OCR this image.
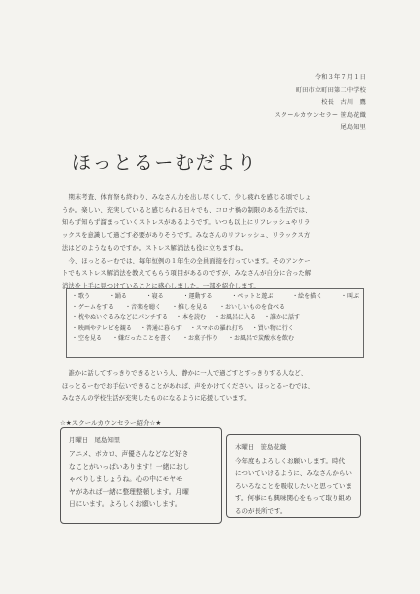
令和３年７月１日
町田市立町田第二中学校
校長　古川　鷹
スクールカウンセラー 笹島花織
尾島知里
ほっとるーむだより

期末考査、体育祭も終わり、みなさん力を出し尽くして、少し疲れを感じる頃でしょ

うか。楽しい、充実していると感じられる日々でも、コロナ禍の制限のある生活では、

知らず知らず溜まっていくストレスがあるようです。いつも以上にリフレッシュやリラ

ックスを意識して過ごす必要がありそうです。みなさんのリフレッシュ、リラックス方

法はどのようなものですか。ストレス解消法も役に立ちますね。

今、ほっとるーむでは、毎年恒例の１年生の全員面接を行っています。そのアンケー

トでもストレス解消法を教えてもらう項目があるのですが、みなさんが自分に合った解

消法を上手に見つけていることに感心しました。一部を紹介します。

・歌う	・踊る	・寝る	・運動する	・ペットと遊ぶ	・絵を描く	・叫ぶ
・ゲームをする ・音楽を聴く ・推しを見る ・おいしいものを食べる
・枕やぬいぐるみなどにパンチする ・本を読む ・お風呂に入る ・誰かに話す
・映画やテレビを観る ・普通に暮らす ・スマホの羅れ打ち ・買い物に行く
・空を見る ・嫌だったことを書く ・お菓子作り ・お風呂で炭酸水を飲む

誰かに話してすっきりできるという人、静かに一人で過ごすとすっきりする人など、

ほっとるーむでお手伝いできることがあれば、声をかけてください。ほっとるーむでは、

みなさんの学校生活が充実したものになるように応援しています。

☆★スクールカウンセラー紹介☆★
月曜日　尾島知里
アニメ、ボカロ、声優さんなどなど好き
なことがいっぱいあります！一緒におし
ゃべりしましょうね。心の中にモヤモ
ヤがあれば一緒に整理整頓します。月曜
日にいます。よろしくお願いします。
木曜日　笹島花織
今年度もよろしくお願いします。時代
についていけるように、みなさんからい
ろいろなことを吸収したいと思っていま
す。何事にも興味関心をもって取り組め
るのが長所です。
